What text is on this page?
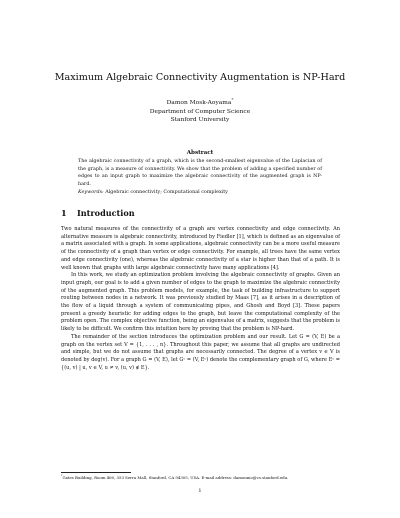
Maximum Algebraic Connectivity Augmentation is NP-Hard
Damon Mosk-Aoyama*
Department of Computer Science
Stanford University
Abstract
The algebraic connectivity of a graph, which is the second-smallest eigenvalue of the Laplacian of the graph, is a measure of connectivity. We show that the problem of adding a specified number of edges to an input graph to maximize the algebraic connectivity of the augmented graph is NP-hard.
Keywords: Algebraic connectivity; Computational complexity
1 Introduction

Two natural measures of the connectivity of a graph are vertex connectivity and edge connectivity. An alternative measure is algebraic connectivity, introduced by Fiedler [1], which is defined as an eigenvalue of a matrix associated with a graph. In some applications, algebraic connectivity can be a more useful measure of the connectivity of a graph than vertex or edge connectivity. For example, all trees have the same vertex and edge connectivity (one), whereas the algebraic connectivity of a star is higher than that of a path. It is well known that graphs with large algebraic connectivity have many applications [4].

In this work, we study an optimization problem involving the algebraic connectivity of graphs. Given an input graph, our goal is to add a given number of edges to the graph to maximize the algebraic connectivity of the augmented graph. This problem models, for example, the task of building infrastructure to support routing between nodes in a network. It was previously studied by Maas [7], as it arises in a description of the flow of a liquid through a system of communicating pipes, and Ghosh and Boyd [3]. These papers present a greedy heuristic for adding edges to the graph, but leave the computational complexity of the problem open. The complex objective function, being an eigenvalue of a matrix, suggests that the problem is likely to be difficult. We confirm this intuition here by proving that the problem is NP-hard.

The remainder of the section introduces the optimization problem and our result. Let G = (V, E) be a graph on the vertex set V = {1, . . . , n}. Throughout this paper, we assume that all graphs are undirected and simple, but we do not assume that graphs are necessarily connected. The degree of a vertex v ∈ V is denoted by deg(v). For a graph G = (V, E), let Gᶜ = (V, Eᶜ) denote the complementary graph of G, where Eᶜ = {(u, v) | u, v ∈ V, u ≠ v, (u, v) ∉ E}.

*Gates Building, Room 460, 353 Serra Mall, Stanford, CA 94305, USA. E-mail address: damonmo@cs.stanford.edu.
1
